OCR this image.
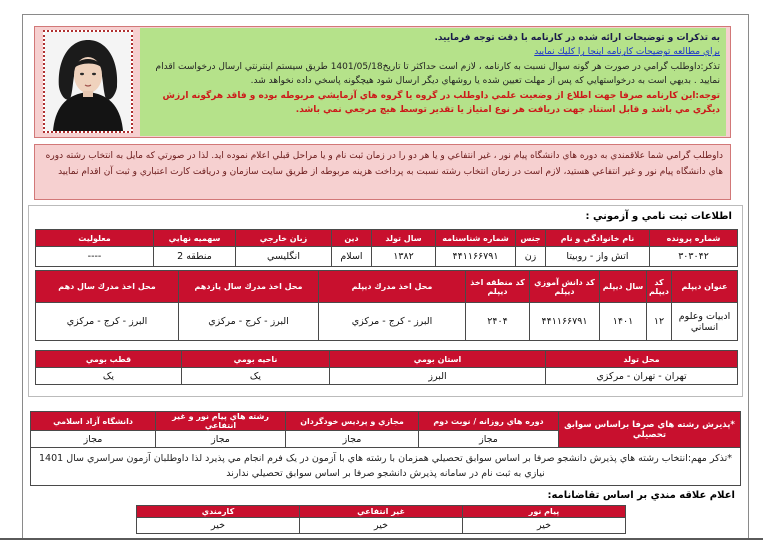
به تذكرات و توضيحات ارائه شده در كارنامه با دقت توجه فرماييد.
براي مطالعه توضيحات كارنامه اينجا را كليك نماييد
تذکر:داوطلب گرامي در صورت هر گونه سوال نسبت به کارنامه ، لازم است حداکثر تا تاريخ1401/05/18 طريق سيستم اينترنتي ارسال درخواست اقدام نماييد . بديهي است به درخواستهايي كه پس از مهلت تعيين شده يا روشهاي ديگر ارسال شود هيچگونه پاسخي داده نخواهد شد.
توجه:اين كارنامه صرفا جهت اطلاع از وضعيت علمي داوطلب در گروه يا گروه هاي آزمايشي مربوطه بوده و فاقد هرگونه ارزش ديگري مي باشد و قابل استناد جهت دريافت هر نوع امتياز يا تقدير توسط هيچ مرجعي نمي باشد.
داوطلب گرامي شما علاقمندي به دوره هاي دانشگاه پيام نور ، غير انتفاعي و يا هر دو را در زمان ثبت نام و يا مراحل قبلي اعلام نموده ايد. لذا در صورتي كه مايل به انتخاب رشته دوره هاي دانشگاه پيام نور و غير انتفاعي هستيد، لازم است در زمان انتخاب رشته نسبت به پرداخت هزينه مربوطه از طريق سايت سازمان و دريافت كارت اعتباري و ثبت آن اقدام نماييد
اطلاعات ثبت نامي و آزموني :
شماره پرونده	نام خانوادگي و نام	جنس	شماره شناسنامه	سال تولد	دين	زبان خارجي	سهميه نهايي	معلوليت
۳۰۳۰۴۲	اتش واز - روبيتا	زن	۴۴۱۱۶۶۷۹۱	۱۳۸۲	اسلام	انگليسي	منطقه 2	----
عنوان ديپلم	كد ديپلم	سال ديپلم	كد دانش آموزي ديپلم	كد منطقه اخذ ديپلم	محل اخذ مدرك ديپلم	محل اخذ مدرك سال يازدهم	محل اخذ مدرك سال دهم
ادبيات وعلوم انساني	۱۲	۱۴۰۱	۴۴۱۱۶۶۷۹۱	۲۴۰۴	البرز - كرج - مركزي	البرز - كرج - مركزي	البرز - كرج - مركزي
محل تولد	استان بومي	ناحيه بومي	قطب بومي
تهران - تهران - مركزي	البرز	يک	يک
*پذيرش رشته هاي صرفا براساس سوابق تحصيلي	دوره هاي روزانه / نوبت دوم	مجازي و پرديس خودگردان	رشته هاي پيام نور و غير انتفاعي	دانشگاه آزاد اسلامي
	مجاز	مجاز	مجاز	مجاز
*تذكر مهم:انتخاب رشته هاي پذيرش دانشجو صرفا بر اساس سوابق تحصيلي همزمان با رشته هاي با آزمون در يک فرم انجام مي پذيرد لذا داوطلبان آزمون سراسري سال 1401 نيازي به ثبت نام در سامانه پذيرش دانشجو صرفا بر اساس سوابق تحصيلي ندارند
اعلام علاقه مندي بر اساس تقاضانامه:
پيام نور	غير انتفاعي	كارمندي
خير	خير	خير
